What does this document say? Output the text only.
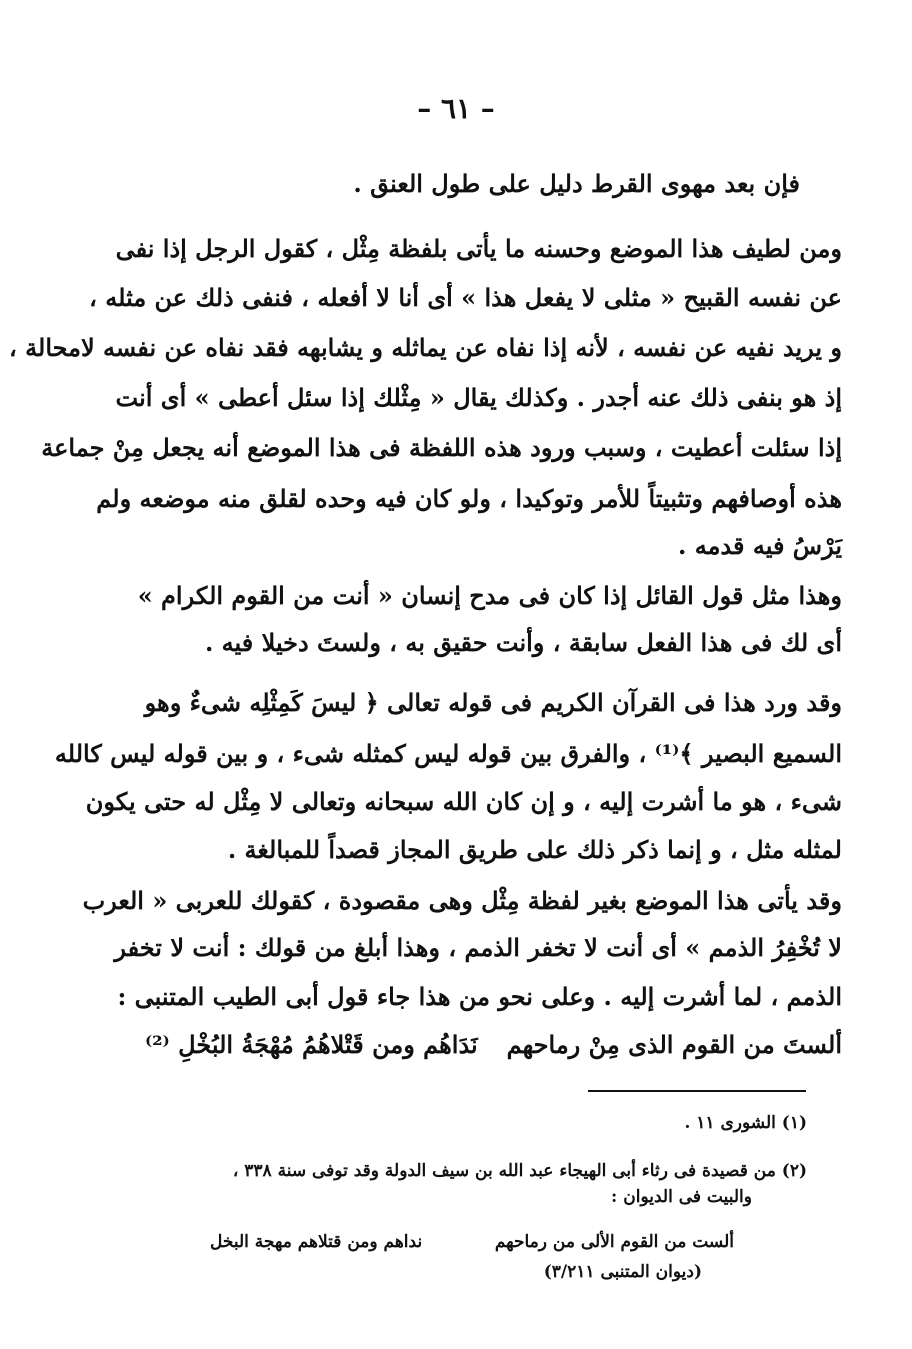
– ٦١ –
فإن بعد مهوى القرط دليل على طول العنق .
ومن لطيف هذا الموضع وحسنه ما يأتى بلفظة مِثْل ، كقول الرجل إذا نفى
عن نفسه القبيح « مثلى لا يفعل هذا » أى أنا لا أفعله ، فنفى ذلك عن مثله ،
و يريد نفيه عن نفسه ، لأنه إذا نفاه عن يماثله و يشابهه فقد نفاه عن نفسه لامحالة ،
إذ هو بنفى ذلك عنه أجدر . وكذلك يقال « مِثْلك إذا سئل أعطى » أى أنت
إذا سئلت أعطيت ، وسبب ورود هذه اللفظة فى هذا الموضع أنه يجعل مِنْ جماعة
هذه أوصافهم وتثبيتاً للأمر وتوكيدا ، ولو كان فيه وحده لقلق منه موضعه ولم
يَرْسُ فيه قدمه .
وهذا مثل قول القائل إذا كان فى مدح إنسان « أنت من القوم الكرام »
أى لك فى هذا الفعل سابقة ، وأنت حقيق به ، ولستَ دخيلا فيه .
وقد ورد هذا فى القرآن الكريم فى قوله تعالى ﴿ ليسَ كَمِثْلِه شىءٌ وهو
السميع البصير ﴾⁽¹⁾ ، والفرق بين قوله ليس كمثله شىء ، و بين قوله ليس كالله
شىء ، هو ما أشرت إليه ، و إن كان الله سبحانه وتعالى لا مِثْل له حتى يكون
لمثله مثل ، و إنما ذكر ذلك على طريق المجاز قصداً للمبالغة .
وقد يأتى هذا الموضع بغير لفظة مِثْل وهى مقصودة ، كقولك للعربى « العرب
لا تُخْفِرُ الذمم » أى أنت لا تخفر الذمم ، وهذا أبلغ من قولك : أنت لا تخفر
الذمم ، لما أشرت إليه . وعلى نحو من هذا جاء قول أبى الطيب المتنبى :
ألستَ من القوم الذى مِنْ رماحهم
نَدَاهُم ومن قَتْلاهُمُ مُهْجَةُ البُخْلِ ⁽²⁾
(١) الشورى ١١ .
(٢) من قصيدة فى رثاء أبى الهيجاء عبد الله بن سيف الدولة وقد توفى سنة ٣٣٨ ،
والبيت فى الديوان :
ألست من القوم الألى من رماحهم
نداهم ومن قتلاهم مهجة البخل
(ديوان المتنبى ٣/٢١١)
